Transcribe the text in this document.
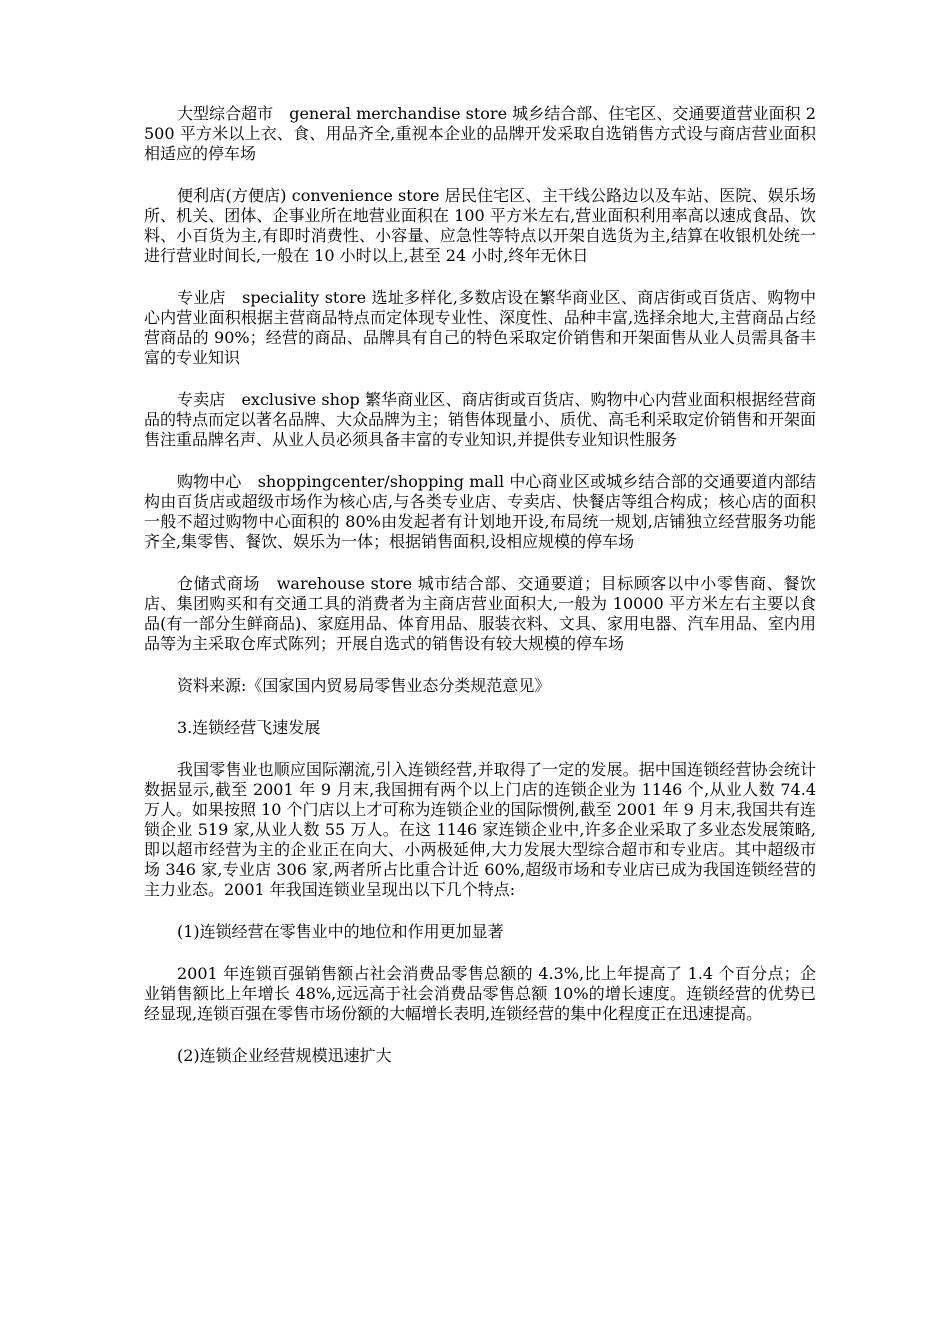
大型综合超市　general merchandise store 城乡结合部、住宅区、交通要道营业面积 2500 平方米以上衣、食、用品齐全,重视本企业的品牌开发采取自选销售方式设与商店营业面积相适应的停车场

便利店(方便店) convenience store 居民住宅区、主干线公路边以及车站、医院、娱乐场所、机关、团体、企事业所在地营业面积在 100 平方米左右,营业面积利用率高以速成食品、饮料、小百货为主,有即时消费性、小容量、应急性等特点以开架自选货为主,结算在收银机处统一进行营业时间长,一般在 10 小时以上,甚至 24 小时,终年无休日

专业店　speciality store 选址多样化,多数店设在繁华商业区、商店街或百货店、购物中心内营业面积根据主营商品特点而定体现专业性、深度性、品种丰富,选择余地大,主营商品占经营商品的 90%；经营的商品、品牌具有自己的特色采取定价销售和开架面售从业人员需具备丰富的专业知识

专卖店　exclusive shop 繁华商业区、商店街或百货店、购物中心内营业面积根据经营商品的特点而定以著名品牌、大众品牌为主；销售体现量小、质优、高毛利采取定价销售和开架面售注重品牌名声、从业人员必须具备丰富的专业知识,并提供专业知识性服务

购物中心　shoppingcenter/shopping mall 中心商业区或城乡结合部的交通要道内部结构由百货店或超级市场作为核心店,与各类专业店、专卖店、快餐店等组合构成；核心店的面积一般不超过购物中心面积的 80%由发起者有计划地开设,布局统一规划,店铺独立经营服务功能齐全,集零售、餐饮、娱乐为一体；根据销售面积,设相应规模的停车场

仓储式商场　warehouse store 城市结合部、交通要道；目标顾客以中小零售商、餐饮店、集团购买和有交通工具的消费者为主商店营业面积大,一般为 10000 平方米左右主要以食品(有一部分生鲜商品)、家庭用品、体育用品、服装衣料、文具、家用电器、汽车用品、室内用品等为主采取仓库式陈列；开展自选式的销售设有较大规模的停车场

资料来源:《国家国内贸易局零售业态分类规范意见》

3.连锁经营飞速发展

我国零售业也顺应国际潮流,引入连锁经营,并取得了一定的发展。据中国连锁经营协会统计数据显示,截至 2001 年 9 月末,我国拥有两个以上门店的连锁企业为 1146 个,从业人数 74.4 万人。如果按照 10 个门店以上才可称为连锁企业的国际惯例,截至 2001 年 9 月末,我国共有连锁企业 519 家,从业人数 55 万人。在这 1146 家连锁企业中,许多企业采取了多业态发展策略,即以超市经营为主的企业正在向大、小两极延伸,大力发展大型综合超市和专业店。其中超级市场 346 家,专业店 306 家,两者所占比重合计近 60%,超级市场和专业店已成为我国连锁经营的主力业态。2001 年我国连锁业呈现出以下几个特点:

(1)连锁经营在零售业中的地位和作用更加显著

2001 年连锁百强销售额占社会消费品零售总额的 4.3%,比上年提高了 1.4 个百分点；企业销售额比上年增长 48%,远远高于社会消费品零售总额 10%的增长速度。连锁经营的优势已经显现,连锁百强在零售市场份额的大幅增长表明,连锁经营的集中化程度正在迅速提高。

(2)连锁企业经营规模迅速扩大
